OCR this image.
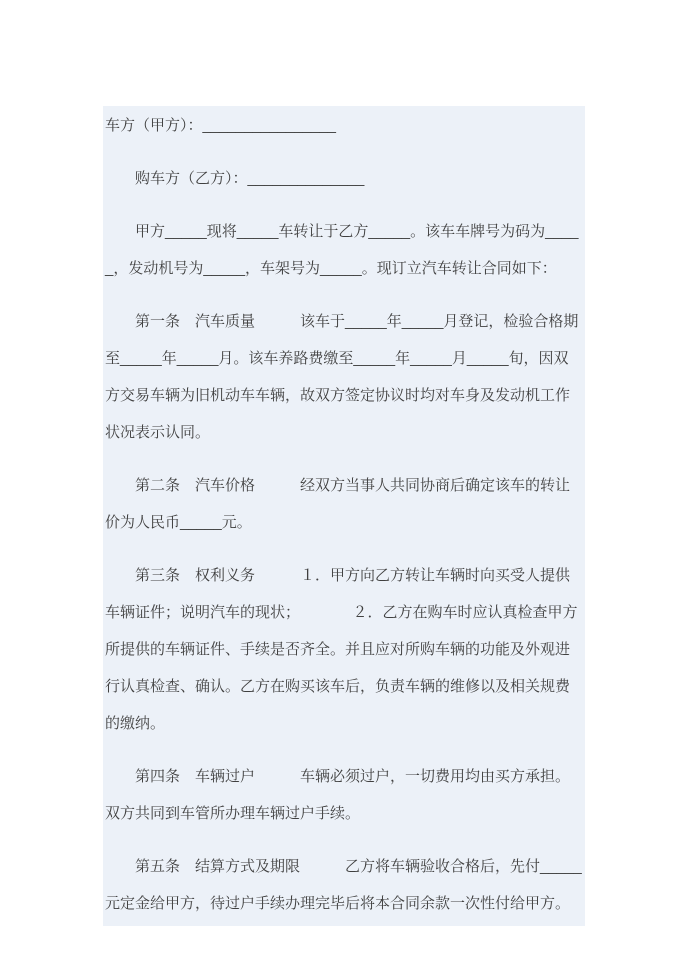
车方（甲方）：________________

购车方（乙方）：______________

甲方_____现将_____车转让于乙方_____。该车车牌号为码为_____，发动机号为_____，车架号为_____。现订立汽车转让合同如下：

第一条　汽车质量　　　该车于_____年_____月登记，检验合格期至_____年_____月。该车养路费缴至_____年_____月_____旬，因双方交易车辆为旧机动车车辆，故双方签定协议时均对车身及发动机工作状况表示认同。

第二条　汽车价格　　　经双方当事人共同协商后确定该车的转让价为人民币_____元。

第三条　权利义务　　　１．甲方向乙方转让车辆时向买受人提供车辆证件；说明汽车的现状；　　　　２．乙方在购车时应认真检查甲方所提供的车辆证件、手续是否齐全。并且应对所购车辆的功能及外观进行认真检查、确认。乙方在购买该车后，负责车辆的维修以及相关规费的缴纳。

第四条　车辆过户　　　车辆必须过户，一切费用均由买方承担。双方共同到车管所办理车辆过户手续。

第五条　结算方式及期限　　　乙方将车辆验收合格后，先付_____元定金给甲方，待过户手续办理完毕后将本合同余款一次性付给甲方。
